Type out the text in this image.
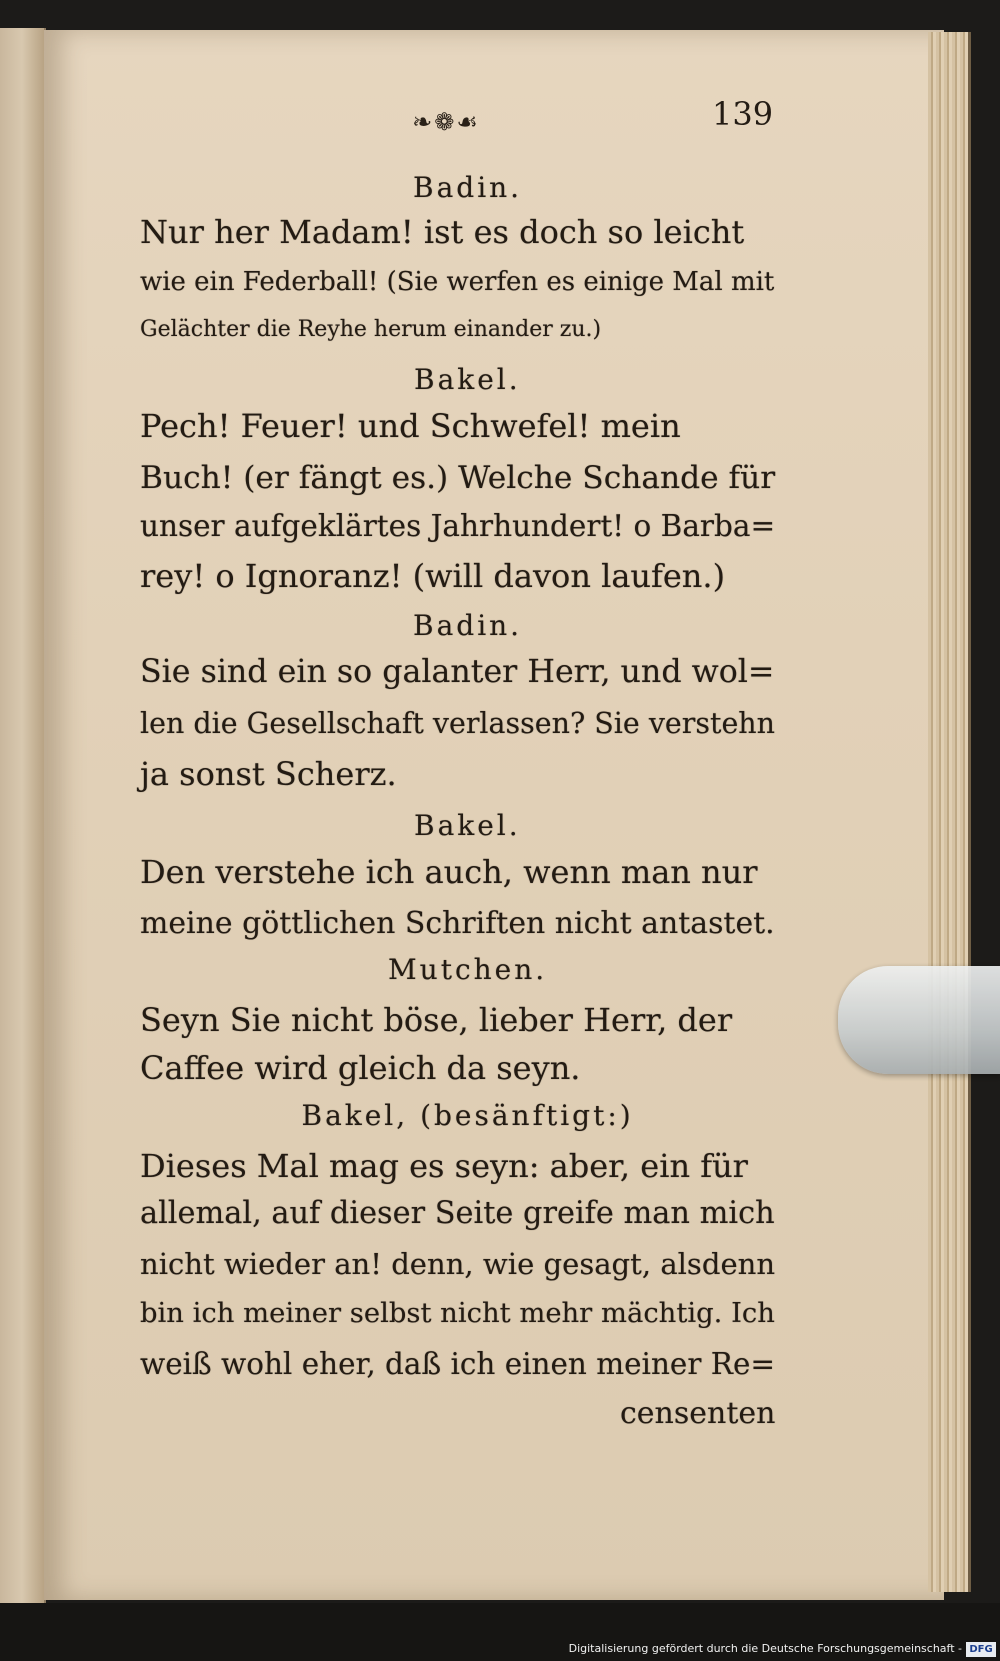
❧❁☙	139
Badin.
Nur her Madam! ist es doch so leicht
wie ein Federball! (Sie werfen es einige Mal mit
Gelächter die Reyhe herum einander zu.)
Bakel.
Pech! Feuer! und Schwefel! mein
Buch! (er fängt es.) Welche Schande für
unser aufgeklärtes Jahrhundert! o Barba=
rey! o Ignoranz! (will davon laufen.)
Badin.
Sie sind ein so galanter Herr, und wol=
len die Gesellschaft verlassen? Sie verstehn
ja sonst Scherz.
Bakel.
Den verstehe ich auch, wenn man nur
meine göttlichen Schriften nicht antastet.
Mutchen.
Seyn Sie nicht böse, lieber Herr, der
Caffee wird gleich da seyn.
Bakel, (besänftigt:)
Dieses Mal mag es seyn: aber, ein für
allemal, auf dieser Seite greife man mich
nicht wieder an! denn, wie gesagt, alsdenn
bin ich meiner selbst nicht mehr mächtig. Ich
weiß wohl eher, daß ich einen meiner Re=
censenten
Digitalisierung gefördert durch die Deutsche Forschungsgemeinschaft - DFG
